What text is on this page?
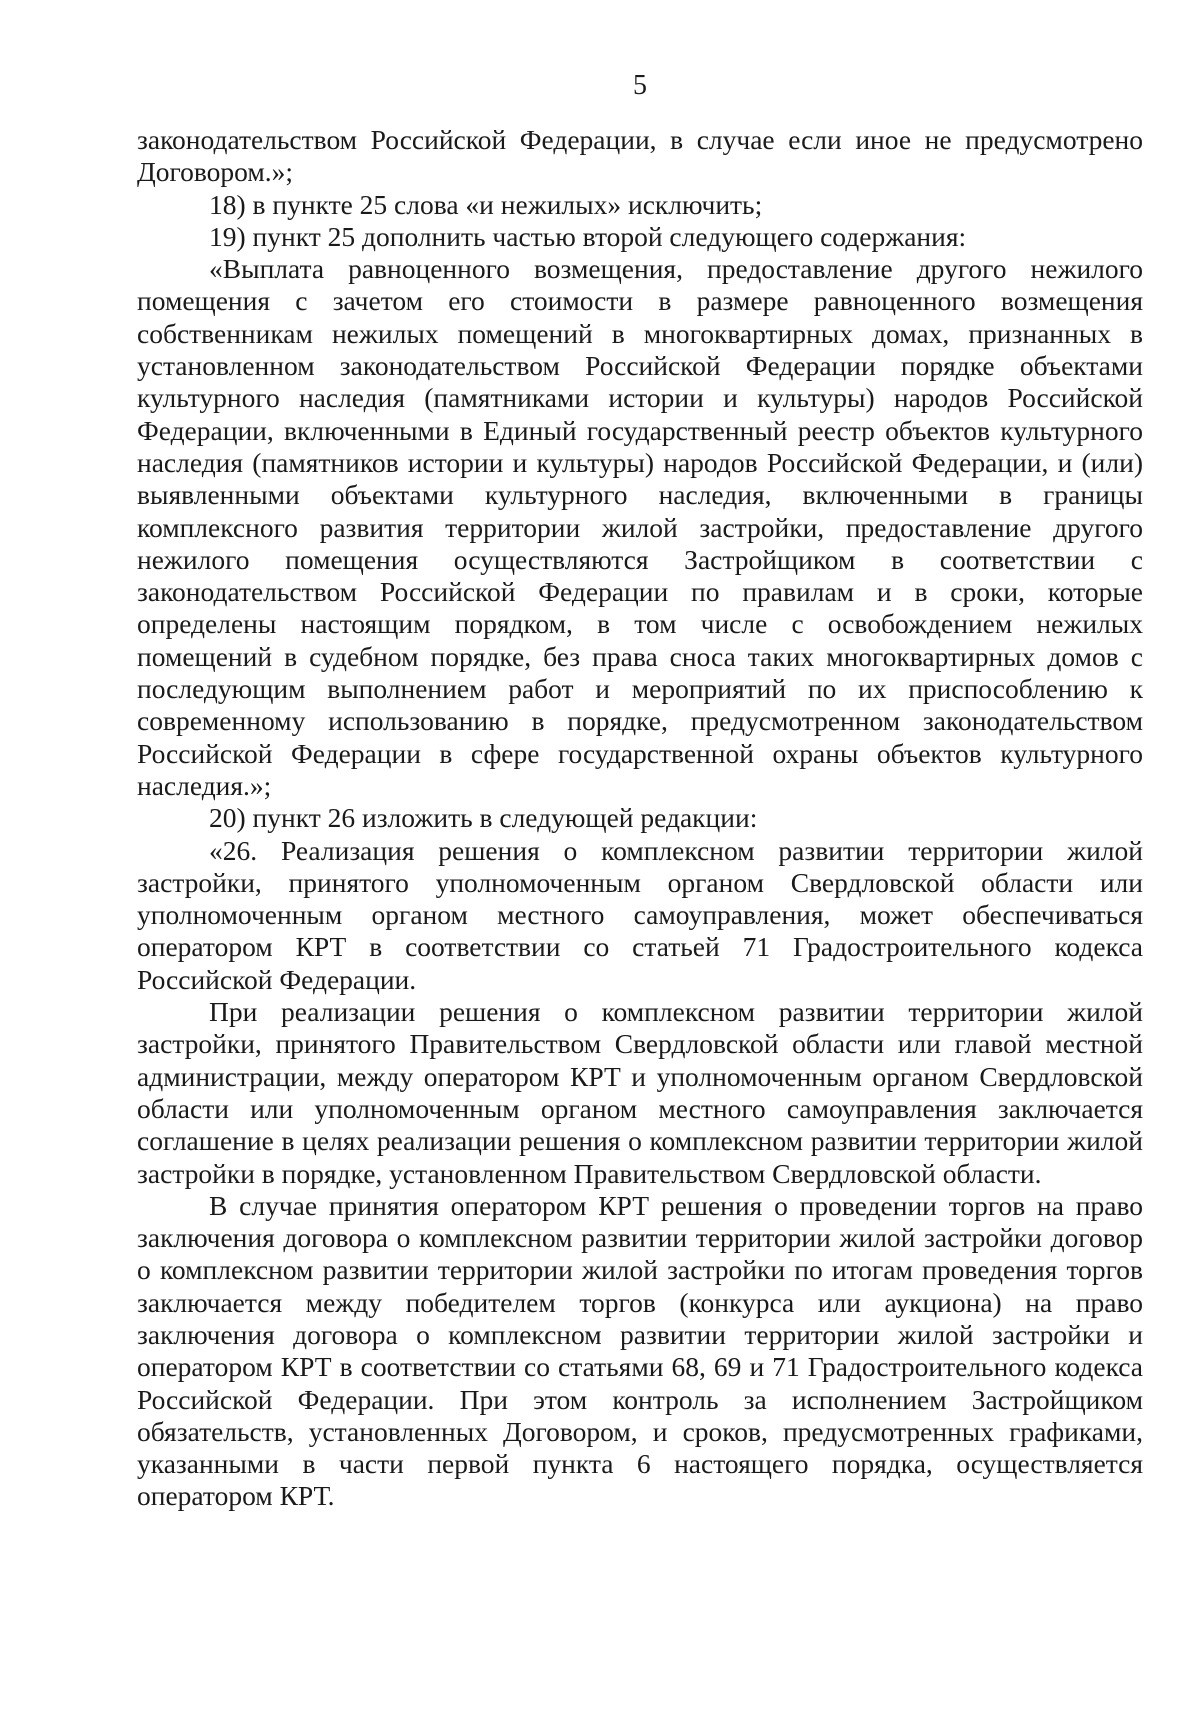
5

законодательством Российской Федерации, в случае если иное не предусмотрено Договором.»;

18) в пункте 25 слова «и нежилых» исключить;

19) пункт 25 дополнить частью второй следующего содержания:

«Выплата равноценного возмещения, предоставление другого нежилого помещения с зачетом его стоимости в размере равноценного возмещения собственникам нежилых помещений в многоквартирных домах, признанных в установленном законодательством Российской Федерации порядке объектами культурного наследия (памятниками истории и культуры) народов Российской Федерации, включенными в Единый государственный реестр объектов культурного наследия (памятников истории и культуры) народов Российской Федерации, и (или) выявленными объектами культурного наследия, включенными в границы комплексного развития территории жилой застройки, предоставление другого нежилого помещения осуществляются Застройщиком в соответствии с законодательством Российской Федерации по правилам и в сроки, которые определены настоящим порядком, в том числе с освобождением нежилых помещений в судебном порядке, без права сноса таких многоквартирных домов с последующим выполнением работ и мероприятий по их приспособлению к современному использованию в порядке, предусмотренном законодательством Российской Федерации в сфере государственной охраны объектов культурного наследия.»;

20) пункт 26 изложить в следующей редакции:

«26. Реализация решения о комплексном развитии территории жилой застройки, принятого уполномоченным органом Свердловской области или уполномоченным органом местного самоуправления, может обеспечиваться оператором КРТ в соответствии со статьей 71 Градостроительного кодекса Российской Федерации.

При реализации решения о комплексном развитии территории жилой застройки, принятого Правительством Свердловской области или главой местной администрации, между оператором КРТ и уполномоченным органом Свердловской области или уполномоченным органом местного самоуправления заключается соглашение в целях реализации решения о комплексном развитии территории жилой застройки в порядке, установленном Правительством Свердловской области.

В случае принятия оператором КРТ решения о проведении торгов на право заключения договора о комплексном развитии территории жилой застройки договор о комплексном развитии территории жилой застройки по итогам проведения торгов заключается между победителем торгов (конкурса или аукциона) на право заключения договора о комплексном развитии территории жилой застройки и оператором КРТ в соответствии со статьями 68, 69 и 71 Градостроительного кодекса Российской Федерации. При этом контроль за исполнением Застройщиком обязательств, установленных Договором, и сроков, предусмотренных графиками, указанными в части первой пункта 6 настоящего порядка, осуществляется оператором КРТ.
